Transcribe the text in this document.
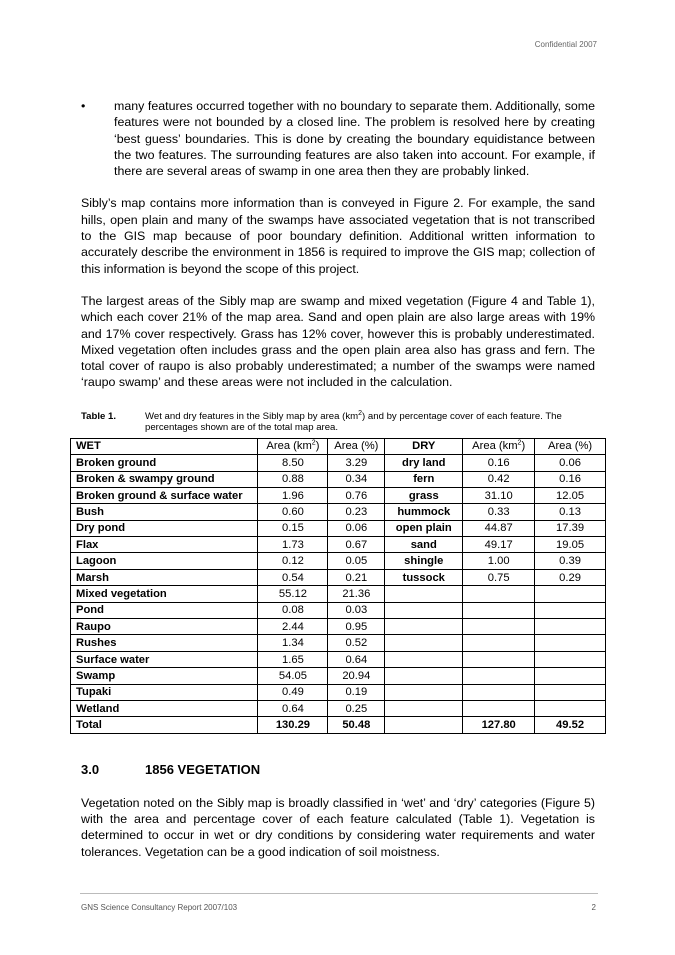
Confidential 2007
• many features occurred together with no boundary to separate them. Additionally, some features were not bounded by a closed line. The problem is resolved here by creating ‘best guess’ boundaries. This is done by creating the boundary equidistance between the two features. The surrounding features are also taken into account. For example, if there are several areas of swamp in one area then they are probably linked.

Sibly’s map contains more information than is conveyed in Figure 2. For example, the sand hills, open plain and many of the swamps have associated vegetation that is not transcribed to the GIS map because of poor boundary definition. Additional written information to accurately describe the environment in 1856 is required to improve the GIS map; collection of this information is beyond the scope of this project.

The largest areas of the Sibly map are swamp and mixed vegetation (Figure 4 and Table 1), which each cover 21% of the map area. Sand and open plain are also large areas with 19% and 17% cover respectively. Grass has 12% cover, however this is probably underestimated. Mixed vegetation often includes grass and the open plain area also has grass and fern. The total cover of raupo is also probably underestimated; a number of the swamps were named ‘raupo swamp’ and these areas were not included in the calculation.

Table 1.	Wet and dry features in the Sibly map by area $(km^2)$ and by percentage cover of each feature. The percentages shown are of the total map area.
WET	Area $(km^2)$	Area (%)	DRY	Area $(km^2)$	Area (%)
Broken ground	8.50	3.29	dry land	0.16	0.06
Broken & swampy ground	0.88	0.34	fern	0.42	0.16
Broken ground & surface water	1.96	0.76	grass	31.10	12.05
Bush	0.60	0.23	hummock	0.33	0.13
Dry pond	0.15	0.06	open plain	44.87	17.39
Flax	1.73	0.67	sand	49.17	19.05
Lagoon	0.12	0.05	shingle	1.00	0.39
Marsh	0.54	0.21	tussock	0.75	0.29
Mixed vegetation	55.12	21.36			
Pond	0.08	0.03			
Raupo	2.44	0.95			
Rushes	1.34	0.52			
Surface water	1.65	0.64			
Swamp	54.05	20.94			
Tupaki	0.49	0.19			
Wetland	0.64	0.25			
Total	130.29	50.48		127.80	49.52
3.0	1856 VEGETATION

Vegetation noted on the Sibly map is broadly classified in ‘wet’ and ‘dry’ categories (Figure 5) with the area and percentage cover of each feature calculated (Table 1). Vegetation is determined to occur in wet or dry conditions by considering water requirements and water tolerances. Vegetation can be a good indication of soil moistness.

GNS Science Consultancy Report 2007/103	2
